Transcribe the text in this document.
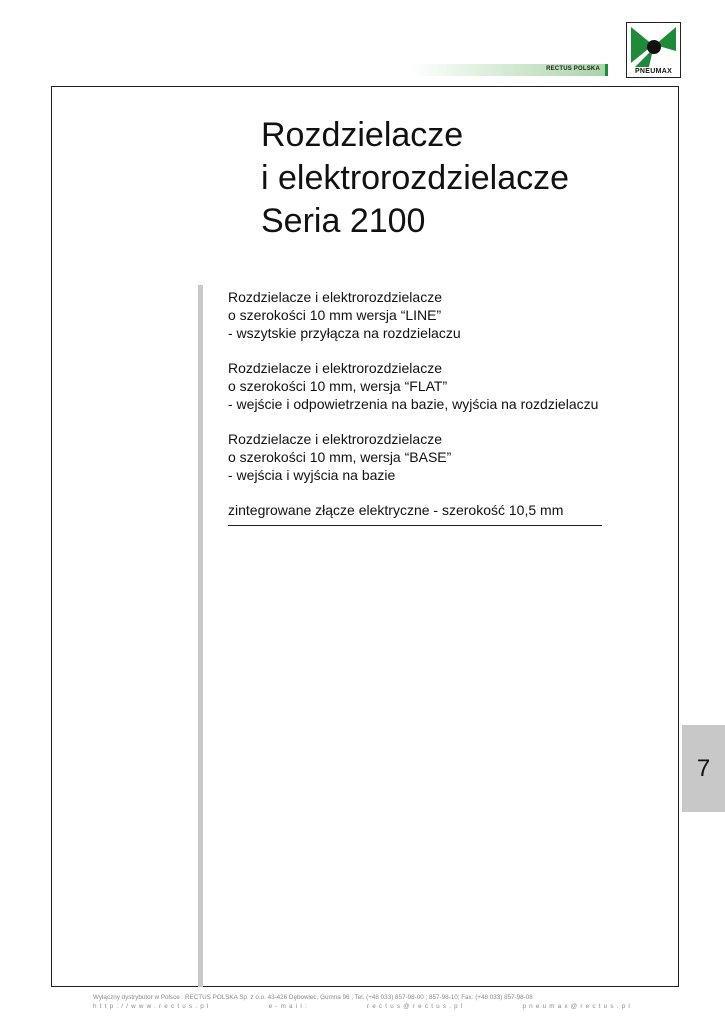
RECTUS POLSKA	PNEUMAX
Rozdzielacze
i elektrorozdzielacze
Seria 2100
Rozdzielacze i elektrorozdzielacze
o szerokości 10 mm wersja “LINE”
- wszytskie przyłącza na rozdzielaczu
Rozdzielacze i elektrorozdzielacze
o szerokości 10 mm, wersja “FLAT”
- wejście i odpowietrzenia na bazie, wyjścia na rozdzielaczu
Rozdzielacze i elektrorozdzielacze
o szerokości 10 mm, wersja “BASE”
- wejścia i wyjścia na bazie
zintegrowane złącze elektryczne - szerokość 10,5 mm
7
Wyłączny dystrybutor w Polsce : RECTUS POLSKA Sp. z o.o. 43-426 Dębowiec, Gumna 96 ; Tel. (+48 033) 857-98-00 ; 857-98-10; Fax: (+48 033) 857-98-08
http://www.rectus.pl	e-mail:	rectus@rectus.pl	pneumax@rectus.pl
